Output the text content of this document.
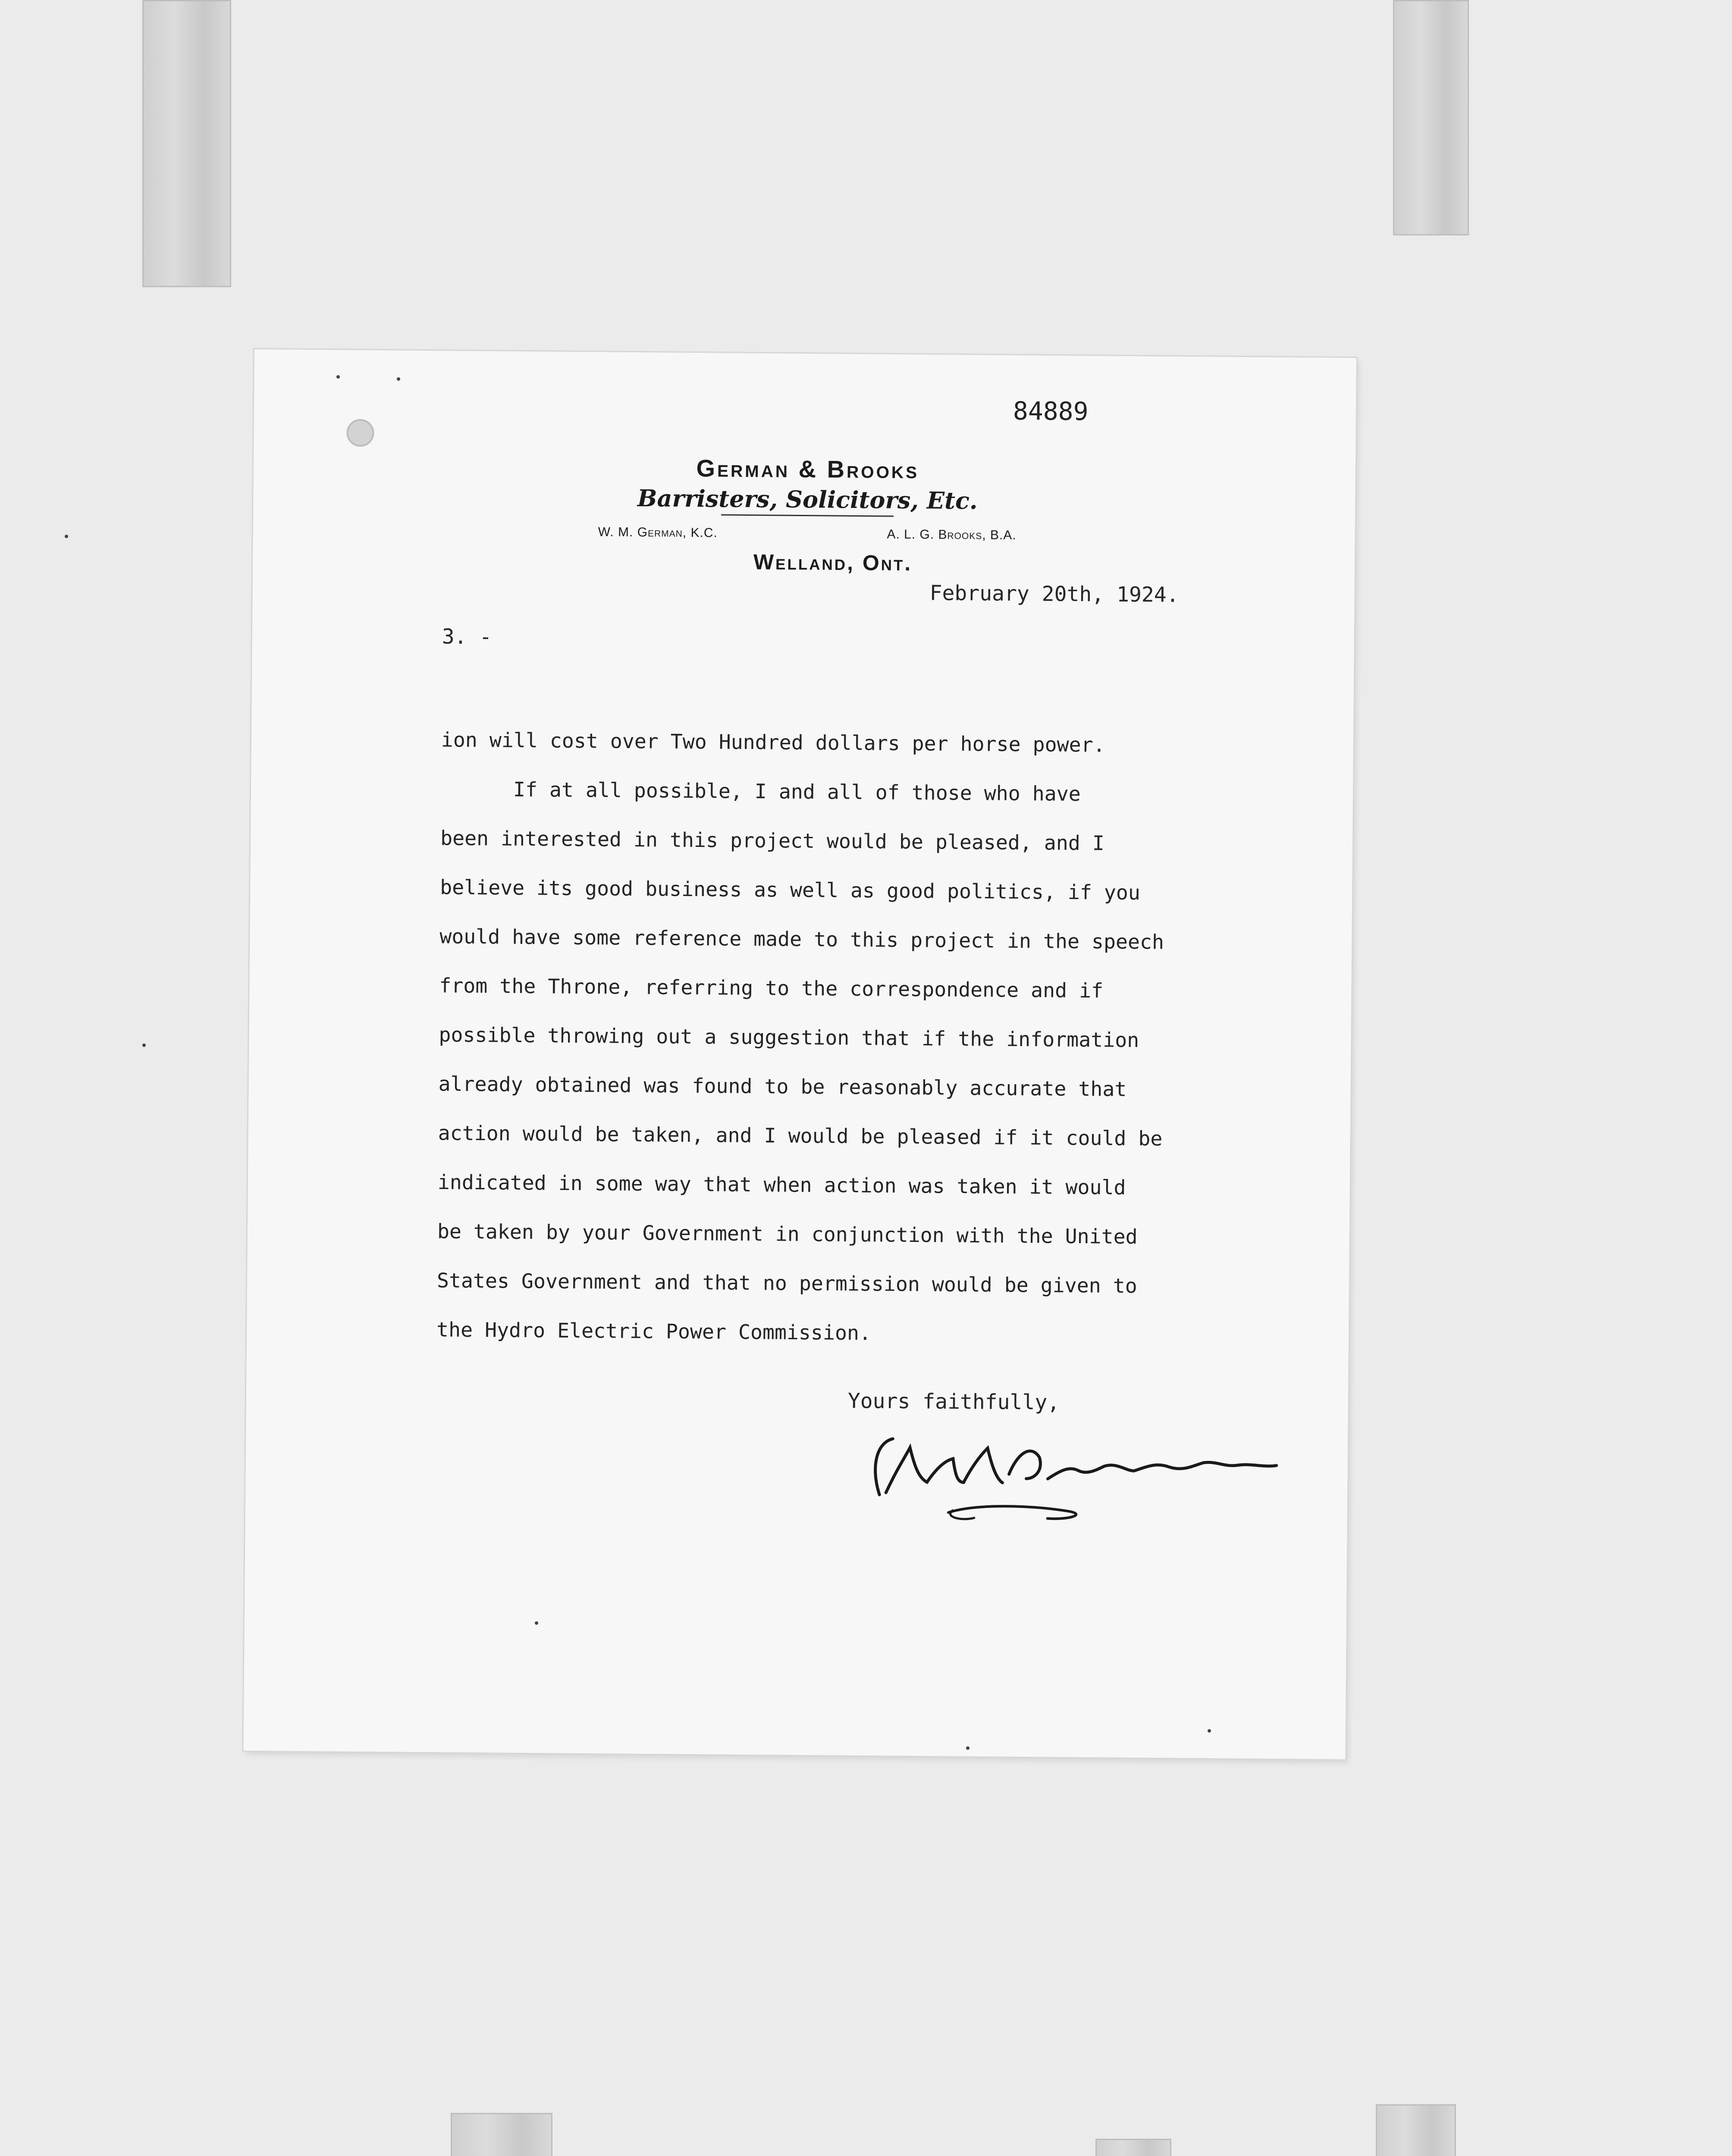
84889
German & Brooks
Barristers, Solicitors, Etc.
W. M. German, K.C.	A. L. G. Brooks, B.A.
Welland, Ont.
February 20th, 1924.
3. -
ion will cost over Two Hundred dollars per horse power.
If at all possible, I and all of those who have
been interested in this project would be pleased, and I
believe its good business as well as good politics, if you
would have some reference made to this project in the speech
from the Throne, referring to the correspondence and if
possible throwing out a suggestion that if the information
already obtained was found to be reasonably accurate that
action would be taken, and I would be pleased if it could be
indicated in some way that when action was taken it would
be taken by your Government in conjunction with the United
States Government and that no permission would be given to
the Hydro Electric Power Commission.
Yours faithfully,
